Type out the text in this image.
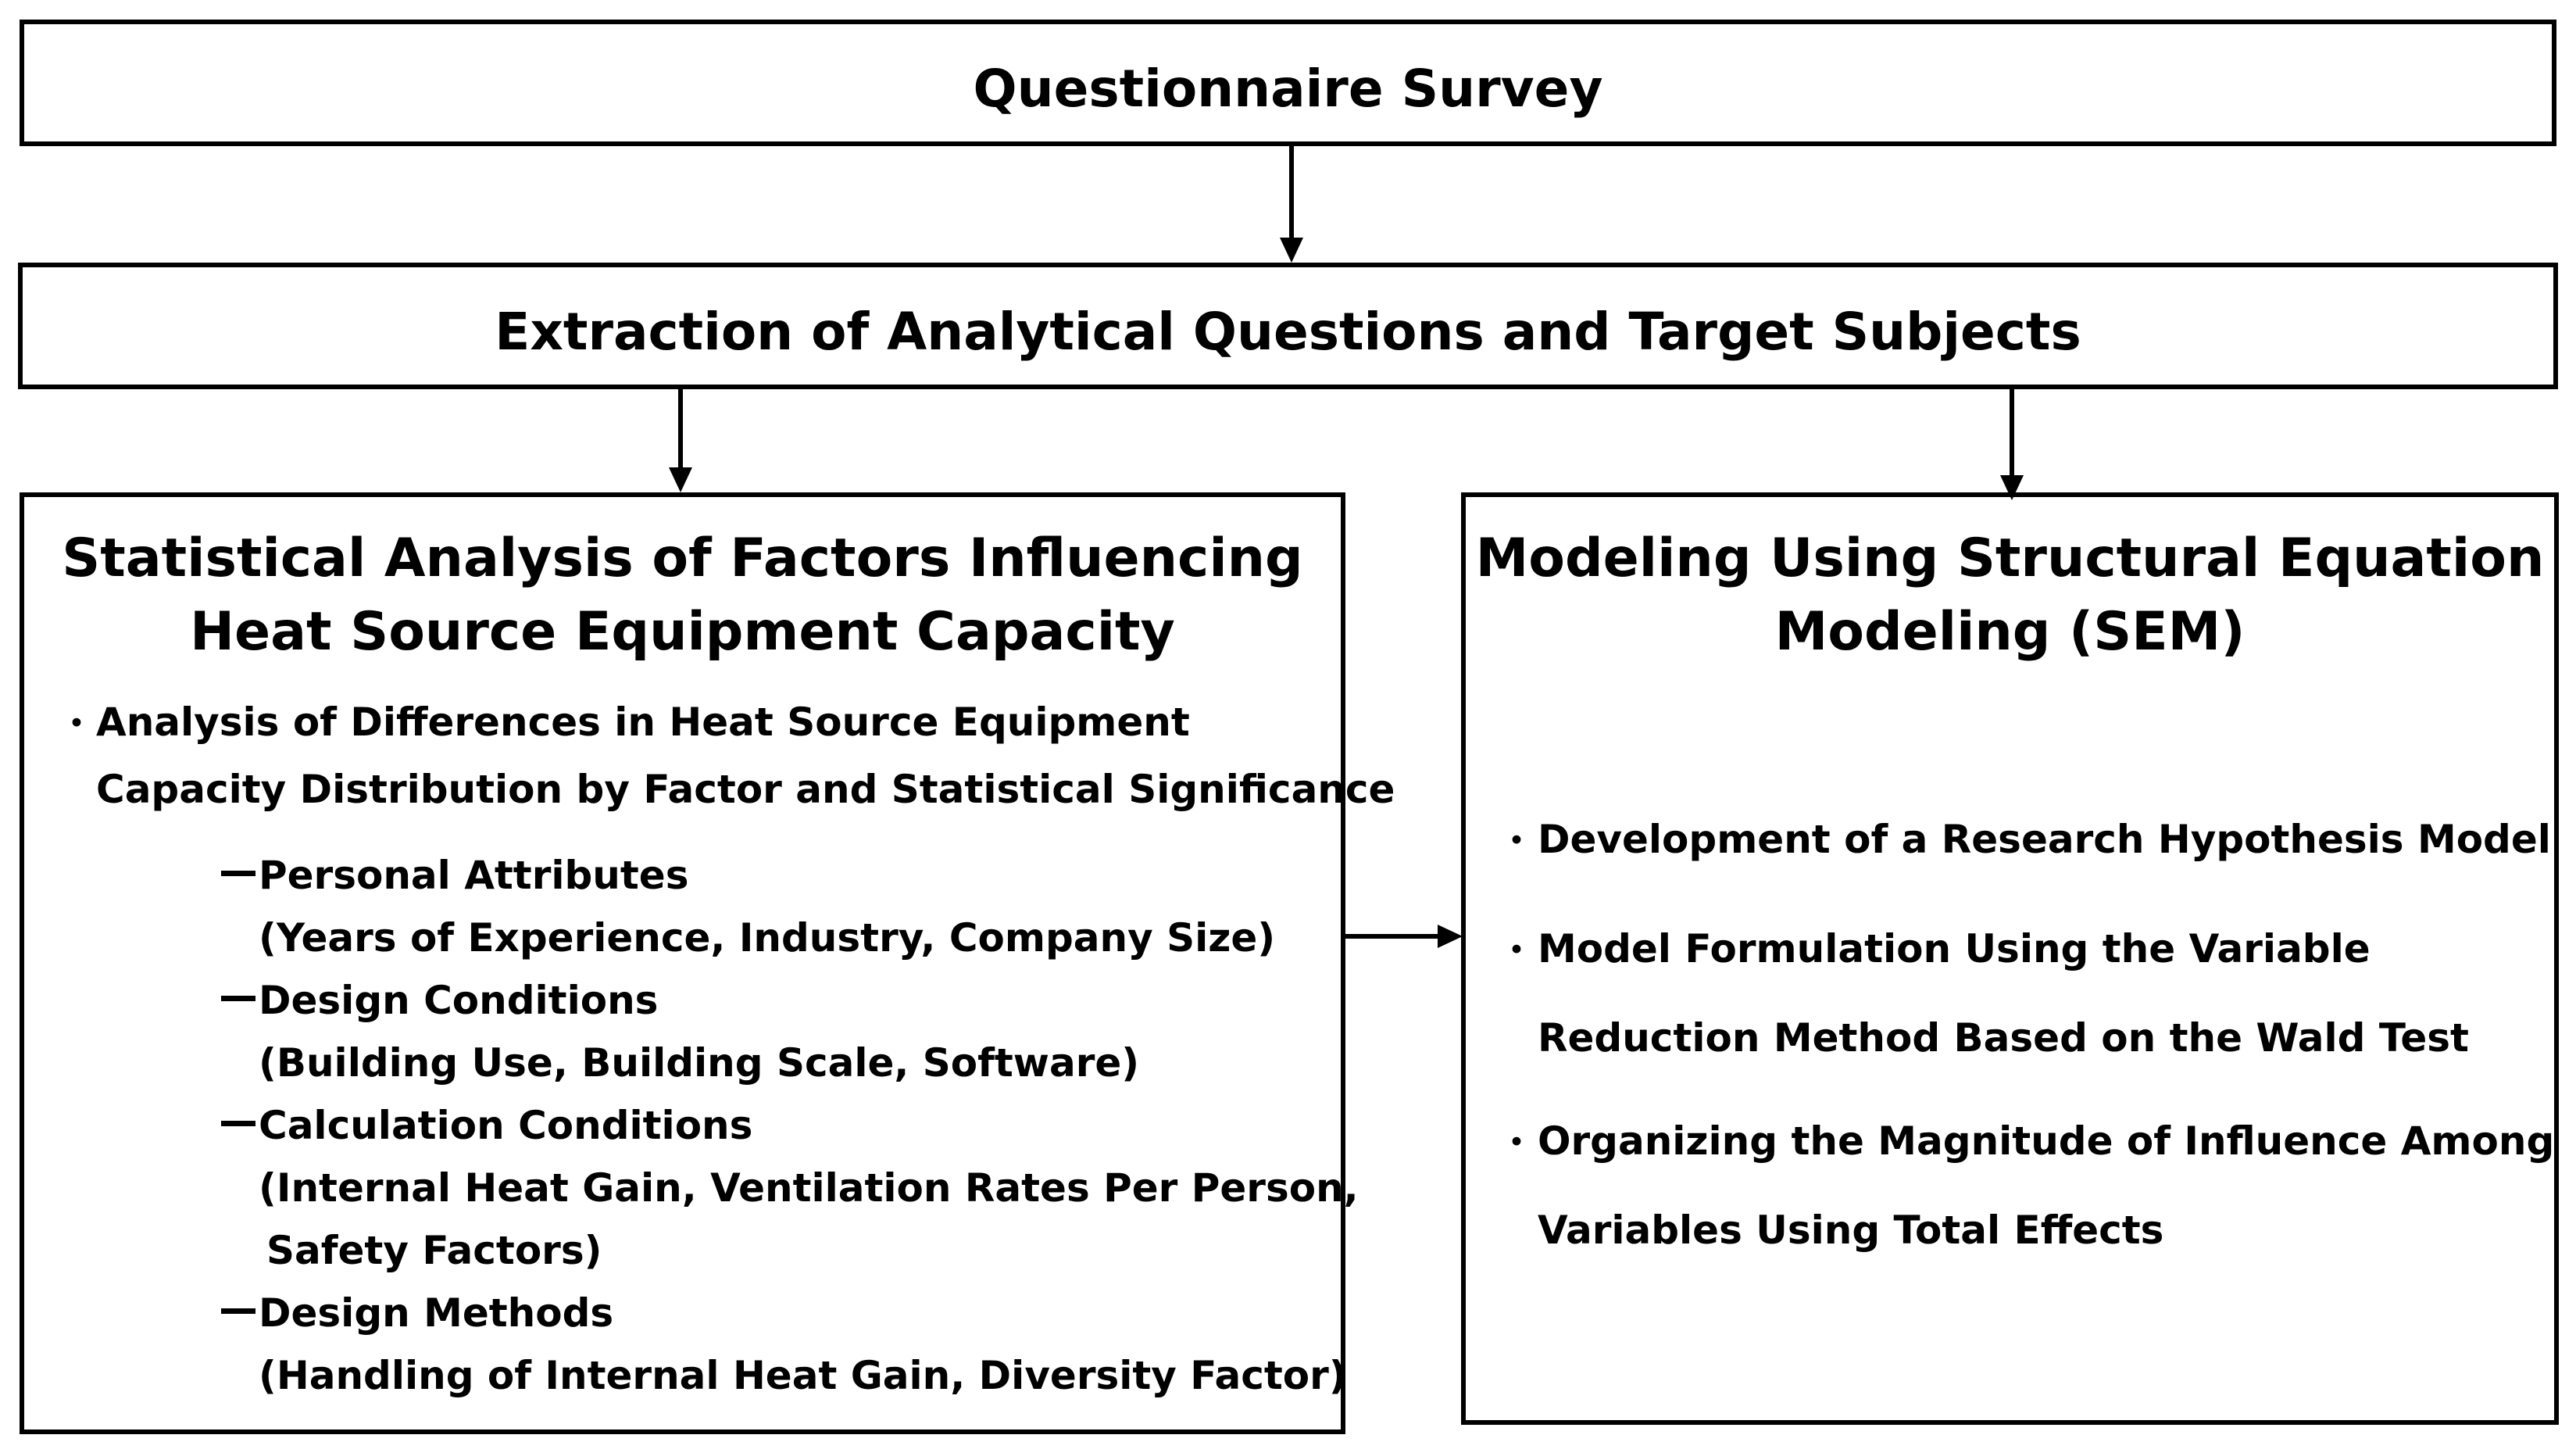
Questionnaire Survey
Extraction of Analytical Questions and Target Subjects
Statistical Analysis of Factors Influencing
Heat Source Equipment Capacity
・ Analysis of Differences in Heat Source Equipment
Capacity Distribution by Factor and Statistical Significance
Personal Attributes
(Years of Experience, Industry, Company Size)
Design Conditions
(Building Use, Building Scale, Software)
Calculation Conditions
(Internal Heat Gain, Ventilation Rates Per Person,
Safety Factors)
Design Methods
(Handling of Internal Heat Gain, Diversity Factor)
Modeling Using Structural Equation
Modeling (SEM)
・ Development of a Research Hypothesis Model
・ Model Formulation Using the Variable
Reduction Method Based on the Wald Test
・ Organizing the Magnitude of Influence Among
Variables Using Total Effects
